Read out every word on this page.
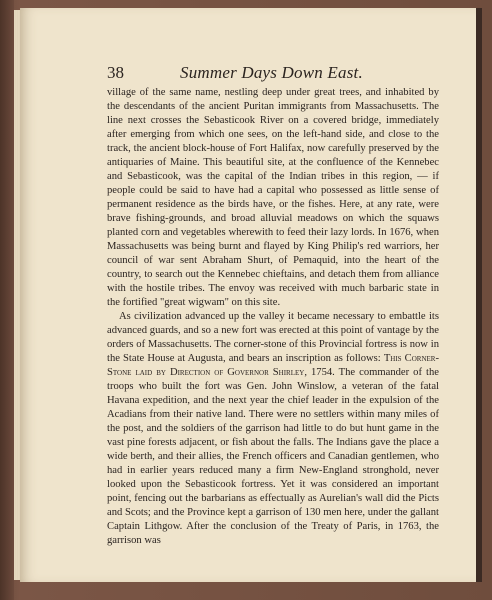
38	Summer Days Down East.

village of the same name, nestling deep under great trees, and inhabited by the descendants of the ancient Puritan immigrants from Massachusetts. The line next crosses the Sebasticook River on a covered bridge, immediately after emerging from which one sees, on the left-hand side, and close to the track, the ancient block-house of Fort Halifax, now carefully preserved by the antiquaries of Maine. This beautiful site, at the confluence of the Kennebec and Sebasticook, was the capital of the Indian tribes in this region, — if people could be said to have had a capital who possessed as little sense of permanent residence as the birds have, or the fishes. Here, at any rate, were brave fishing-grounds, and broad alluvial meadows on which the squaws planted corn and vegetables wherewith to feed their lazy lords. In 1676, when Massachusetts was being burnt and flayed by King Philip's red warriors, her council of war sent Abraham Shurt, of Pemaquid, into the heart of the country, to search out the Kennebec chieftains, and detach them from alliance with the hostile tribes. The envoy was received with much barbaric state in the fortified "great wigwam" on this site.

As civilization advanced up the valley it became necessary to embattle its advanced guards, and so a new fort was erected at this point of vantage by the orders of Massachusetts. The corner-stone of this Provincial fortress is now in the State House at Augusta, and bears an inscription as follows: This Corner-Stone laid by Direction of Governor Shirley, 1754. The commander of the troops who built the fort was Gen. John Winslow, a veteran of the fatal Havana expedition, and the next year the chief leader in the expulsion of the Acadians from their native land. There were no settlers within many miles of the post, and the soldiers of the garrison had little to do but hunt game in the vast pine forests adjacent, or fish about the falls. The Indians gave the place a wide berth, and their allies, the French officers and Canadian gentlemen, who had in earlier years reduced many a firm New-England stronghold, never looked upon the Sebasticook fortress. Yet it was considered an important point, fencing out the barbarians as effectually as Aurelian's wall did the Picts and Scots; and the Province kept a garrison of 130 men here, under the gallant Captain Lithgow. After the conclusion of the Treaty of Paris, in 1763, the garrison was
